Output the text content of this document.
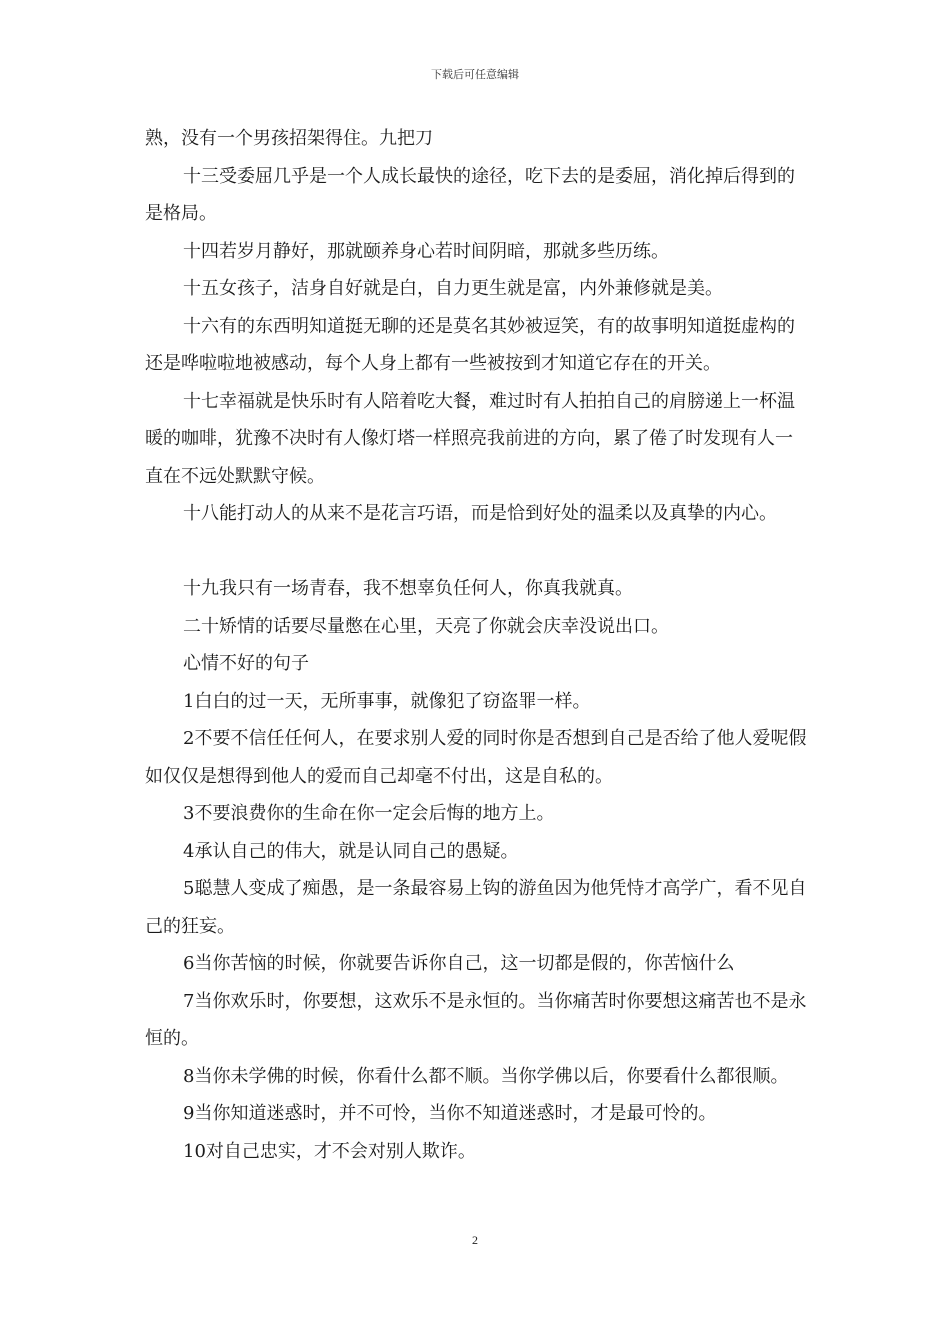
下载后可任意编辑

熟，没有一个男孩招架得住。九把刀

十三受委屈几乎是一个人成长最快的途径，吃下去的是委屈，消化掉后得到的是格局。

十四若岁月静好，那就颐养身心若时间阴暗，那就多些历练。

十五女孩子，洁身自好就是白，自力更生就是富，内外兼修就是美。

十六有的东西明知道挺无聊的还是莫名其妙被逗笑，有的故事明知道挺虚构的还是哗啦啦地被感动，每个人身上都有一些被按到才知道它存在的开关。

十七幸福就是快乐时有人陪着吃大餐，难过时有人拍拍自己的肩膀递上一杯温暖的咖啡，犹豫不决时有人像灯塔一样照亮我前进的方向，累了倦了时发现有人一直在不远处默默守候。

十八能打动人的从来不是花言巧语，而是恰到好处的温柔以及真挚的内心。

十九我只有一场青春，我不想辜负任何人，你真我就真。

二十矫情的话要尽量憋在心里，天亮了你就会庆幸没说出口。

心情不好的句子

1白白的过一天，无所事事，就像犯了窃盗罪一样。

2不要不信任任何人，在要求别人爱的同时你是否想到自己是否给了他人爱呢假如仅仅是想得到他人的爱而自己却毫不付出，这是自私的。

3不要浪费你的生命在你一定会后悔的地方上。

4承认自己的伟大，就是认同自己的愚疑。

5聪慧人变成了痴愚，是一条最容易上钩的游鱼因为他凭恃才高学广，看不见自己的狂妄。

6当你苦恼的时候，你就要告诉你自己，这一切都是假的，你苦恼什么

7当你欢乐时，你要想，这欢乐不是永恒的。当你痛苦时你要想这痛苦也不是永恒的。

8当你未学佛的时候，你看什么都不顺。当你学佛以后，你要看什么都很顺。

9当你知道迷惑时，并不可怜，当你不知道迷惑时，才是最可怜的。

10对自己忠实，才不会对别人欺诈。

2
